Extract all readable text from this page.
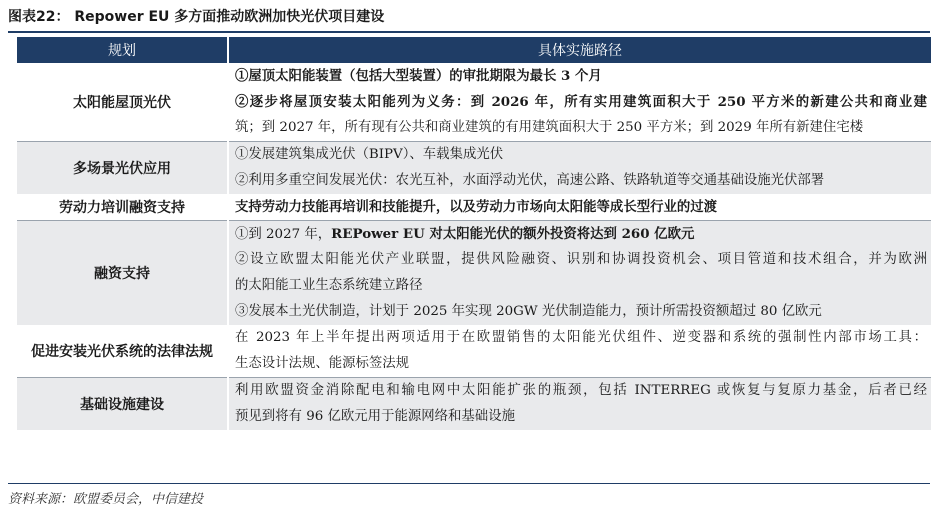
图表22： Repower EU 多方面推动欧洲加快光伏项目建设
规划	具体实施路径
太阳能屋顶光伏	①屋顶太阳能装置（包括大型装置）的审批期限为最长 3 个月
②逐步将屋顶安装太阳能列为义务：到 2026 年，所有实用建筑面积大于 250 平方米的新建公共和商业建
筑；到 2027 年，所有现有公共和商业建筑的有用建筑面积大于 250 平方米；到 2029 年所有新建住宅楼

多场景光伏应用	①发展建筑集成光伏（BIPV）、车载集成光伏
②利用多重空间发展光伏：农光互补，水面浮动光伏，高速公路、铁路轨道等交通基础设施光伏部署

劳动力培训融资支持	支持劳动力技能再培训和技能提升，以及劳动力市场向太阳能等成长型行业的过渡

融资支持	①到 2027 年，REPower EU 对太阳能光伏的额外投资将达到 260 亿欧元
②设立欧盟太阳能光伏产业联盟，提供风险融资、识别和协调投资机会、项目管道和技术组合，并为欧洲
的太阳能工业生态系统建立路径
③发展本土光伏制造，计划于 2025 年实现 20GW 光伏制造能力，预计所需投资额超过 80 亿欧元

促进安装光伏系统的法律法规	在 2023 年上半年提出两项适用于在欧盟销售的太阳能光伏组件、逆变器和系统的强制性内部市场工具：
生态设计法规、能源标签法规

基础设施建设	利用欧盟资金消除配电和输电网中太阳能扩张的瓶颈，包括 INTERREG 或恢复与复原力基金，后者已经
预见到将有 96 亿欧元用于能源网络和基础设施
资料来源：欧盟委员会，中信建投
